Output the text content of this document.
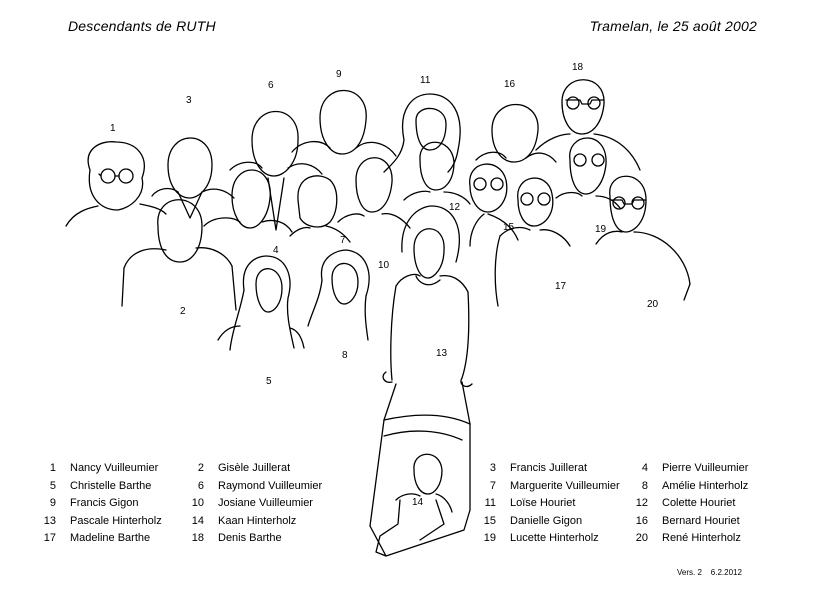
Descendants de RUTH	Tramelan, le 25 août 2002
1
2
3
4
5
6
7
8
9
10
11
12
13
14
15
16
17
18
19
20
1 Nancy Vuilleumier
5 Christelle Barthe
9 Francis Gigon
13 Pascale Hinterholz
17 Madeline Barthe
2 Gisèle Juillerat
6 Raymond Vuilleumier
10 Josiane Vuilleumier
14 Kaan Hinterholz
18 Denis Barthe
3 Francis Juillerat
7 Marguerite Vuilleumier
11 Loïse Houriet
15 Danielle Gigon
19 Lucette Hinterholz
4 Pierre Vuilleumier
8 Amélie Hinterholz
12 Colette Houriet
16 Bernard Houriet
20 René Hinterholz
Vers. 2    6.2.2012
